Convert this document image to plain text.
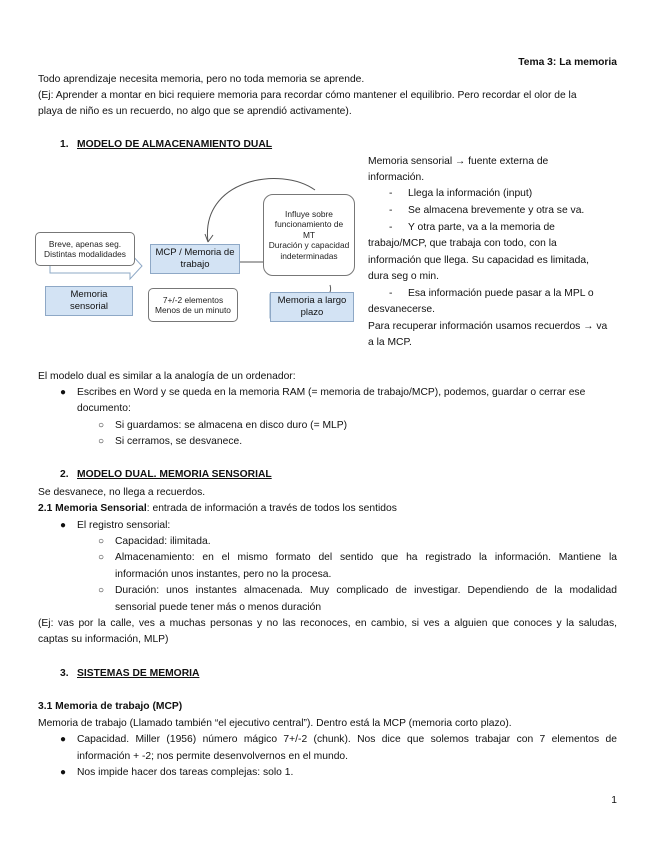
Tema 3: La memoria
Todo aprendizaje necesita memoria, pero no toda memoria se aprende.
(Ej: Aprender a montar en bici requiere memoria para recordar cómo mantener el equilibrio. Pero recordar el olor de la
playa de niño es un recuerdo, no algo que se aprendió activamente).
1. MODELO DE ALMACENAMIENTO DUAL
Breve, apenas seg.
Distintas modalidades
Memoria
sensorial
MCP / Memoria de
trabajo
7+/-2 elementos
Menos de un minuto
Influye sobre
funcionamiento de
MT
Duración y capacidad
indeterminadas
Memoria a largo
plazo
Memoria sensorial → fuente externa de
información.
- Llega la información (input)
- Se almacena brevemente y otra se va.
- Y otra parte, va a la memoria de
trabajo/MCP, que trabaja con todo, con la
información que llega. Su capacidad es limitada,
dura seg o min.
- Esa información puede pasar a la MPL o
desvanecerse.
Para recuperar información usamos recuerdos → va
a la MCP.
El modelo dual es similar a la analogía de un ordenador:
● Escribes en Word y se queda en la memoria RAM (= memoria de trabajo/MCP), podemos, guardar o cerrar ese
documento:
○ Si guardamos: se almacena en disco duro (= MLP)
○ Si cerramos, se desvanece.
2. MODELO DUAL. MEMORIA SENSORIAL
Se desvanece, no llega a recuerdos.
2.1 Memoria Sensorial: entrada de información a través de todos los sentidos
● El registro sensorial:
○ Capacidad: ilimitada.
○ Almacenamiento: en el mismo formato del sentido que ha registrado la información. Mantiene la
información unos instantes, pero no la procesa.
○ Duración: unos instantes almacenada. Muy complicado de investigar. Dependiendo de la modalidad
sensorial puede tener más o menos duración
(Ej: vas por la calle, ves a muchas personas y no las reconoces, en cambio, si ves a alguien que conoces y la saludas,
captas su información, MLP)
3. SISTEMAS DE MEMORIA
3.1 Memoria de trabajo (MCP)
Memoria de trabajo (Llamado también “el ejecutivo central”). Dentro está la MCP (memoria corto plazo).
● Capacidad. Miller (1956) número mágico 7+/-2 (chunk). Nos dice que solemos trabajar con 7 elementos de
información + -2; nos permite desenvolvernos en el mundo.
● Nos impide hacer dos tareas complejas: solo 1.
1
